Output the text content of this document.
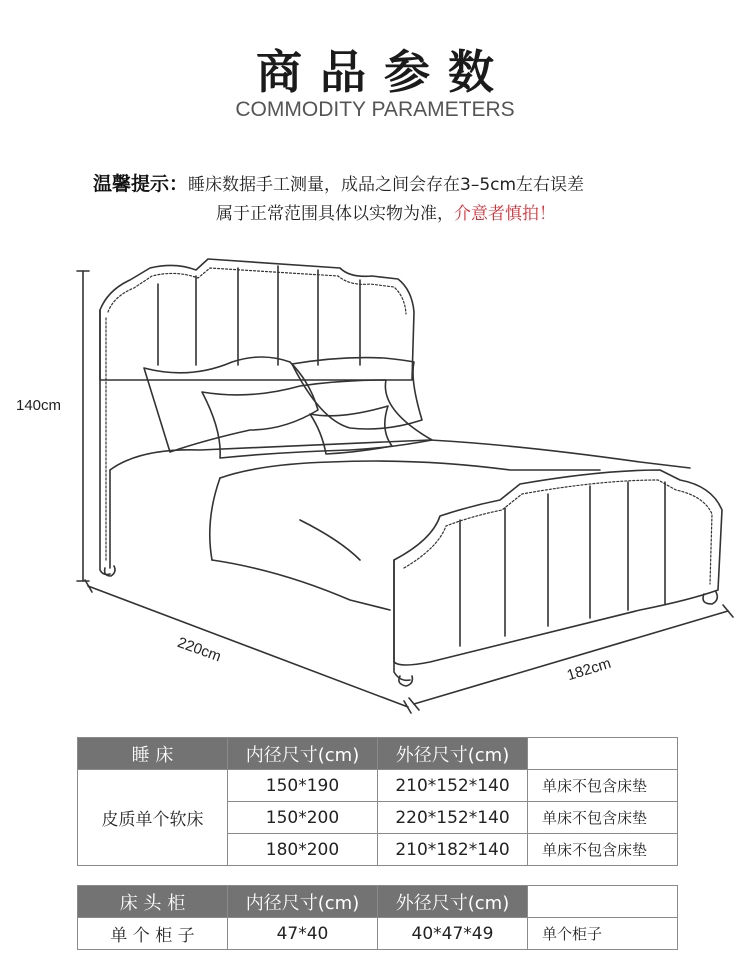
商品参数
COMMODITY PARAMETERS
温馨提示：睡床数据手工测量，成品之间会存在3–5cm左右误差
属于正常范围具体以实物为准，介意者慎拍！
140cm
220cm
182cm
睡 床	内径尺寸(cm)	外径尺寸(cm)	
皮质单个软床	150*190	210*152*140	单床不包含床垫
	150*200	220*152*140	单床不包含床垫
	180*200	210*182*140	单床不包含床垫
床 头 柜	内径尺寸(cm)	外径尺寸(cm)	
单 个 柜 子	47*40	40*47*49	单个柜子
